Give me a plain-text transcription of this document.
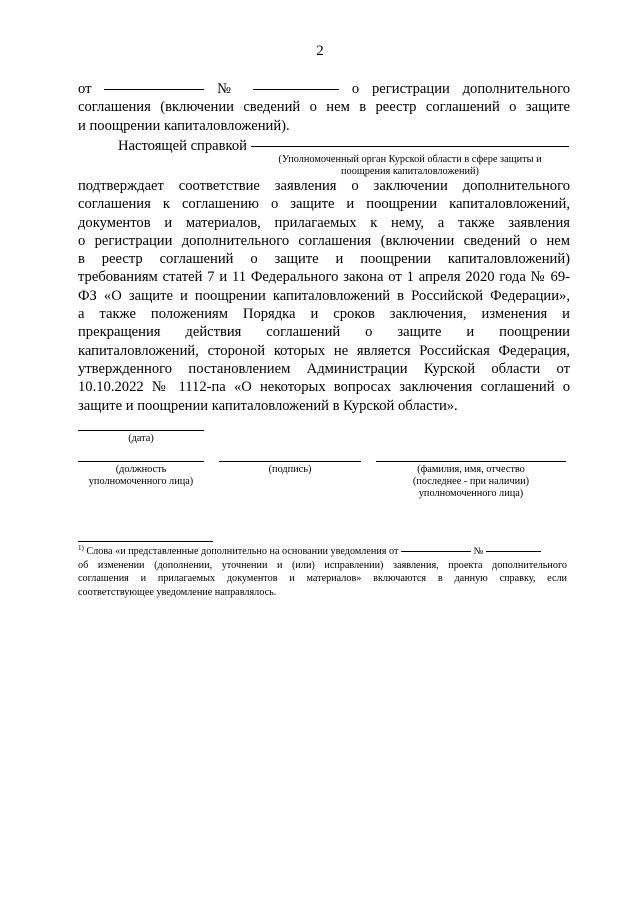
2
от	№	о регистрации дополнительного
соглашения (включении сведений о нем в реестр соглашений о защите
и поощрении капиталовложений).
Настоящей справкой
(Уполномоченный орган Курской области в сфере защиты и
поощрения капиталовложений)
подтверждает соответствие заявления о заключении дополнительного
соглашения к соглашению о защите и поощрении капиталовложений,
документов и материалов, прилагаемых к нему, а также заявления
о регистрации дополнительного соглашения (включении сведений о нем
в реестр соглашений о защите и поощрении капиталовложений)
требованиям статей 7 и 11 Федерального закона от 1 апреля 2020 года № 69-
ФЗ «О защите и поощрении капиталовложений в Российской Федерации»,
а также положениям Порядка и сроков заключения, изменения и
прекращения действия соглашений о защите и поощрении
капиталовложений, стороной которых не является Российская Федерация,
утвержденного постановлением Администрации Курской области от
10.10.2022 № 1112-па «О некоторых вопросах заключения соглашений о
защите и поощрении капиталовложений в Курской области».
(дата)
(должность
уполномоченного лица)
(подпись)	(фамилия, имя, отчество
(последнее - при наличии)
уполномоченного лица)
$^{1)}$ Слова «и представленные дополнительно на основании уведомления от	№
об изменении (дополнении, уточнении и (или) исправлении) заявления, проекта дополнительного
соглашения и прилагаемых документов и материалов» включаются в данную справку, если
соответствующее уведомление направлялось.
